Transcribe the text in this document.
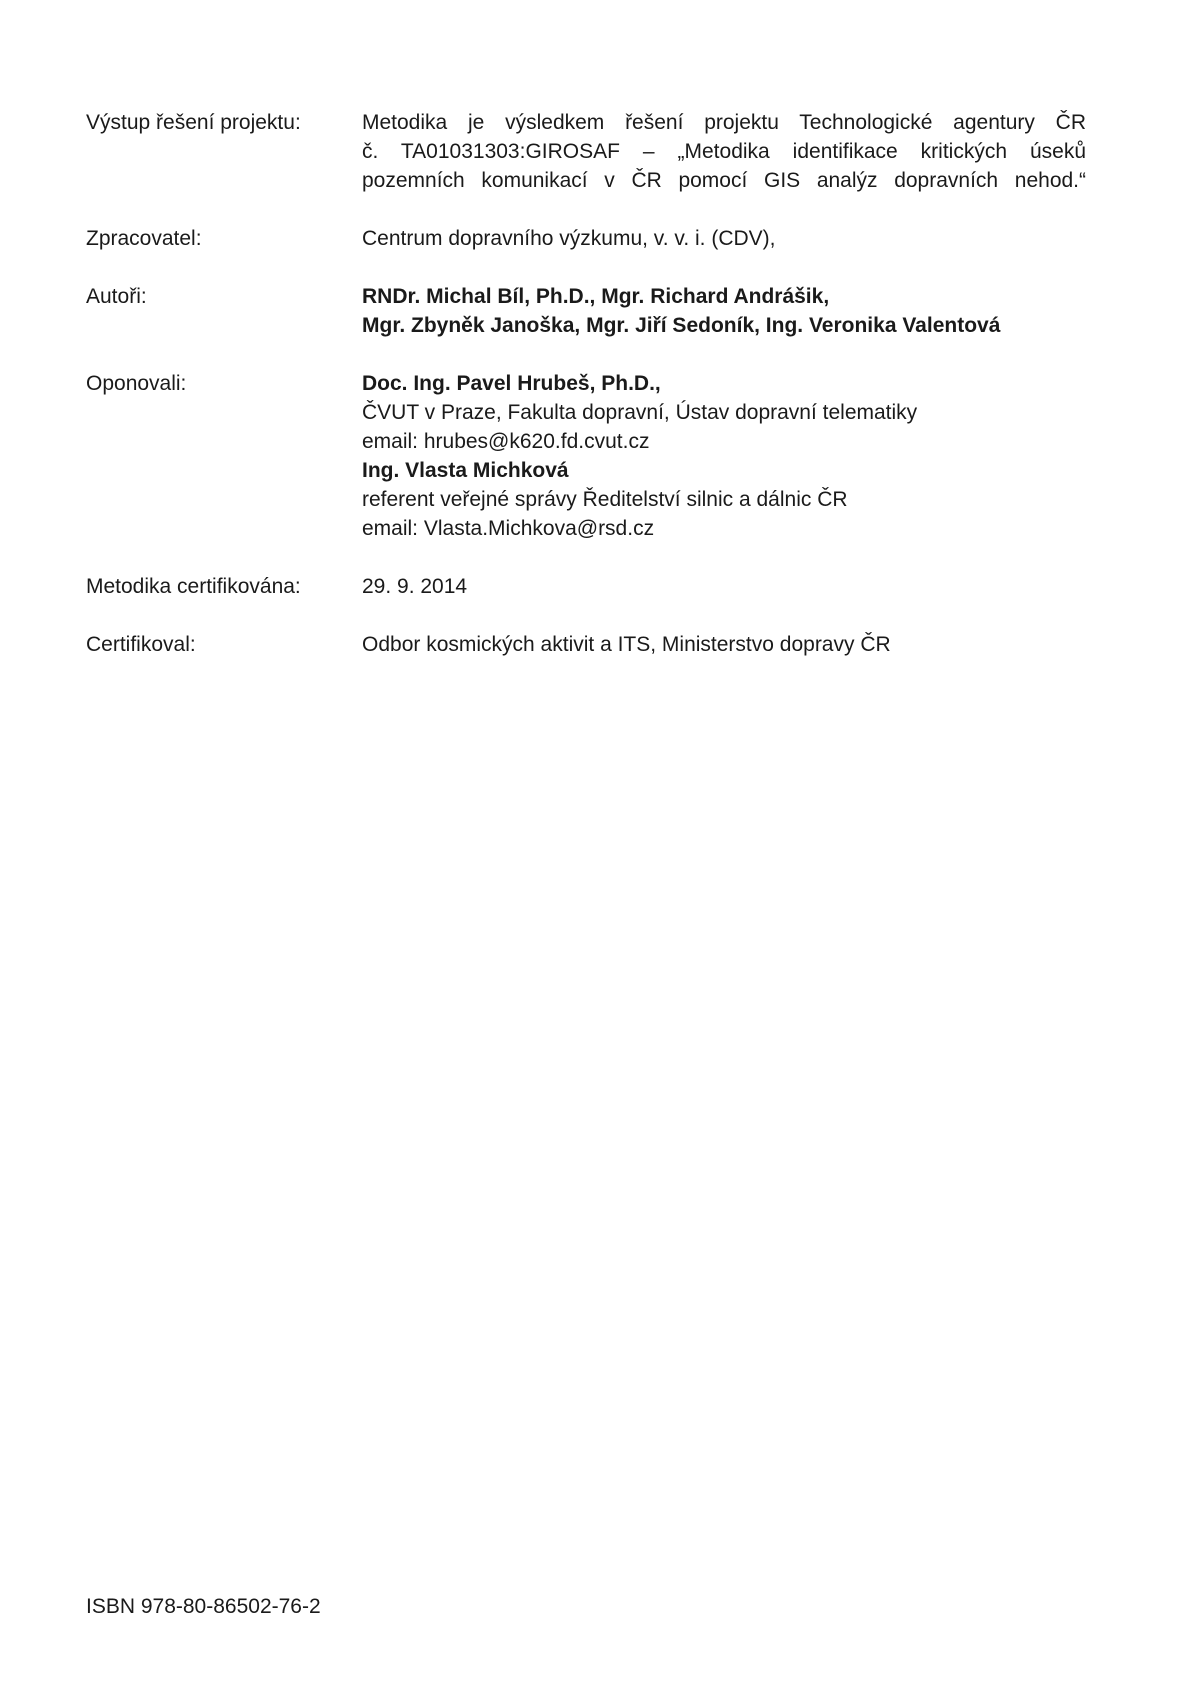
Výstup řešení projektu:	Metodika je výsledkem řešení projektu Technologické agentury ČR
č. TA01031303:GIROSAF – „Metodika identifikace kritických úseků
pozemních komunikací v ČR pomocí GIS analýz dopravních nehod.“
Zpracovatel:	Centrum dopravního výzkumu, v. v. i. (CDV),
Autoři:	RNDr. Michal Bíl, Ph.D., Mgr. Richard Andrášik,
Mgr. Zbyněk Janoška, Mgr. Jiří Sedoník, Ing. Veronika Valentová
Oponovali:	Doc. Ing. Pavel Hrubeš, Ph.D.,
ČVUT v Praze, Fakulta dopravní, Ústav dopravní telematiky
email: hrubes@k620.fd.cvut.cz
Ing. Vlasta Michková
referent veřejné správy Ředitelství silnic a dálnic ČR
email: Vlasta.Michkova@rsd.cz
Metodika certifikována:	29. 9. 2014
Certifikoval:	Odbor kosmických aktivit a ITS, Ministerstvo dopravy ČR
ISBN 978-80-86502-76-2
